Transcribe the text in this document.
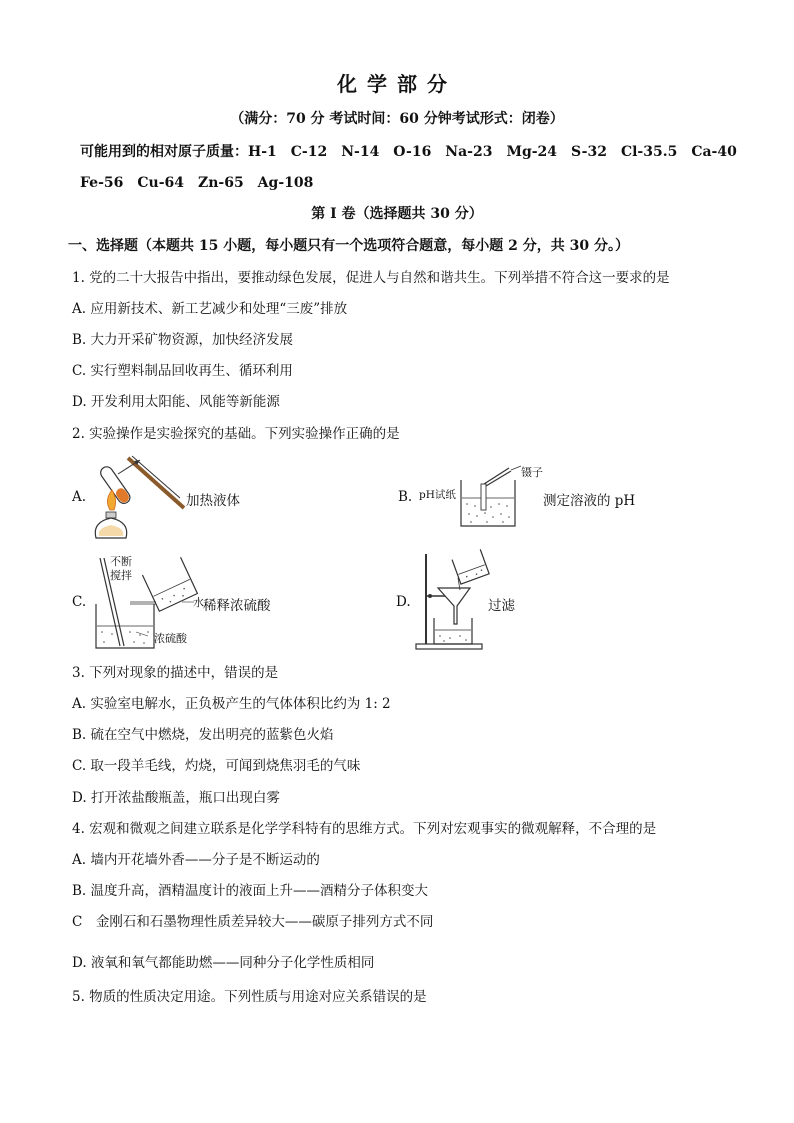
化学部分
（满分：70 分 考试时间：60 分钟考试形式：闭卷）
可能用到的相对原子质量：H-1　C-12　N-14　O-16　Na-23　Mg-24　S-32　Cl-35.5　Ca-40
Fe-56　Cu-64　Zn-65　Ag-108
第 I 卷（选择题共 30 分）
一、选择题（本题共 15 小题，每小题只有一个选项符合题意，每小题 2 分，共 30 分。）
1. 党的二十大报告中指出，要推动绿色发展，促进人与自然和谐共生。下列举措不符合这一要求的是
A. 应用新技术、新工艺减少和处理“三废”排放
B. 大力开采矿物资源，加快经济发展
C. 实行塑料制品回收再生、循环利用
D. 开发利用太阳能、风能等新能源
2. 实验操作是实验探究的基础。下列实验操作正确的是
A.	加热液体	B. pH试纸
镊子
测定溶液的 pH
C.
不断
搅拌
水 稀释浓硫酸
浓硫酸
D.	过滤
3. 下列对现象的描述中，错误的是
A. 实验室电解水，正负极产生的气体体积比约为 1: 2
B. 硫在空气中燃烧，发出明亮的蓝紫色火焰
C. 取一段羊毛线，灼烧，可闻到烧焦羽毛的气味
D. 打开浓盐酸瓶盖，瓶口出现白雾
4. 宏观和微观之间建立联系是化学学科特有的思维方式。下列对宏观事实的微观解释，不合理的是
A. 墙内开花墙外香——分子是不断运动的
B. 温度升高，酒精温度计的液面上升——酒精分子体积变大
C　金刚石和石墨物理性质差异较大——碳原子排列方式不同
D. 液氧和氧气都能助燃——同种分子化学性质相同
5. 物质的性质决定用途。下列性质与用途对应关系错误的是
